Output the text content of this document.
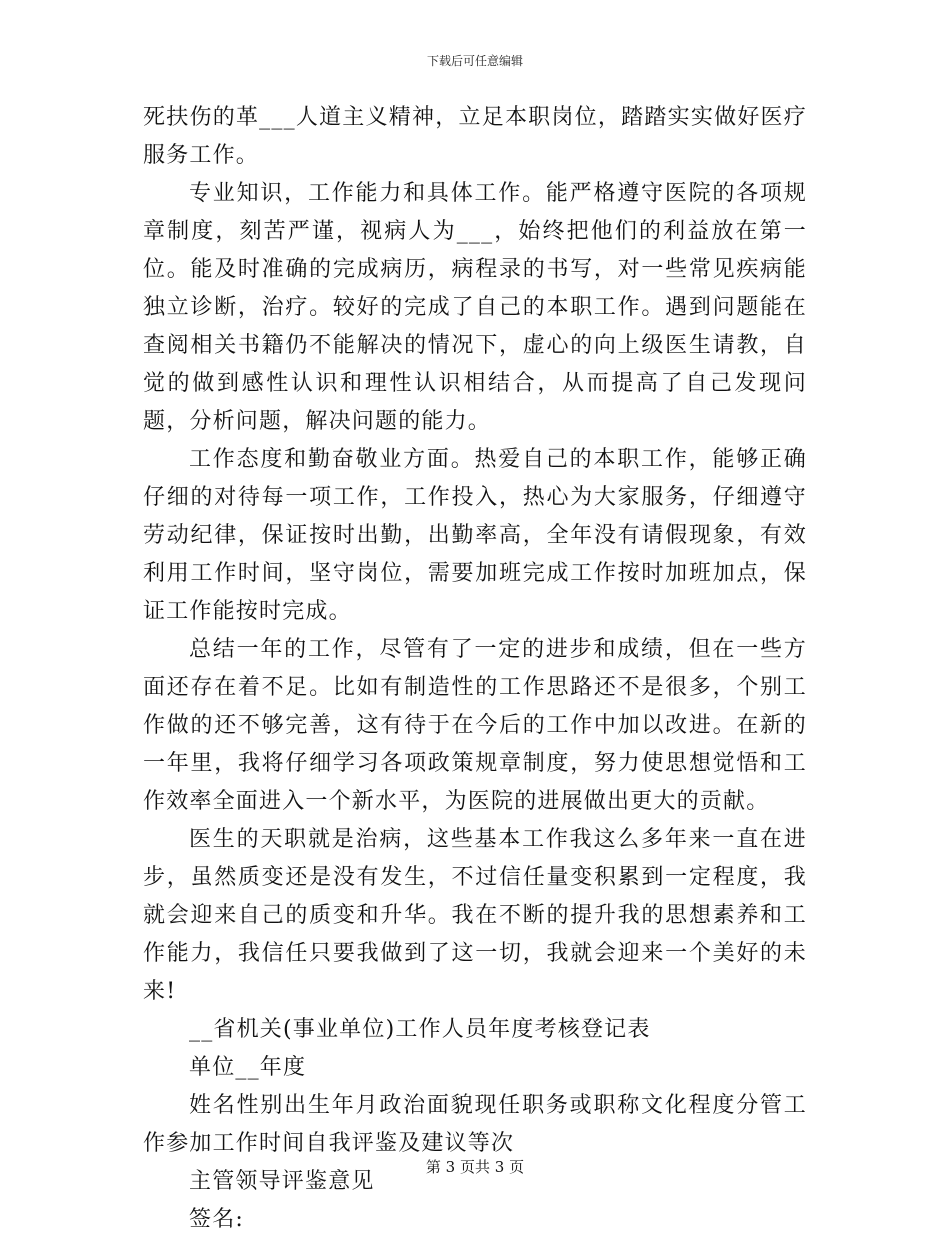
下载后可任意编辑

死扶伤的革___人道主义精神，立足本职岗位，踏踏实实做好医疗服务工作。

专业知识，工作能力和具体工作。能严格遵守医院的各项规章制度，刻苦严谨，视病人为___，始终把他们的利益放在第一位。能及时准确的完成病历，病程录的书写，对一些常见疾病能独立诊断，治疗。较好的完成了自己的本职工作。遇到问题能在查阅相关书籍仍不能解决的情况下，虚心的向上级医生请教，自觉的做到感性认识和理性认识相结合，从而提高了自己发现问题，分析问题，解决问题的能力。

工作态度和勤奋敬业方面。热爱自己的本职工作，能够正确仔细的对待每一项工作，工作投入，热心为大家服务，仔细遵守劳动纪律，保证按时出勤，出勤率高，全年没有请假现象，有效利用工作时间，坚守岗位，需要加班完成工作按时加班加点，保证工作能按时完成。

总结一年的工作，尽管有了一定的进步和成绩，但在一些方面还存在着不足。比如有制造性的工作思路还不是很多，个别工作做的还不够完善，这有待于在今后的工作中加以改进。在新的一年里，我将仔细学习各项政策规章制度，努力使思想觉悟和工作效率全面进入一个新水平，为医院的进展做出更大的贡献。

医生的天职就是治病，这些基本工作我这么多年来一直在进步，虽然质变还是没有发生，不过信任量变积累到一定程度，我就会迎来自己的质变和升华。我在不断的提升我的思想素养和工作能力，我信任只要我做到了这一切，我就会迎来一个美好的未来!

__省机关(事业单位)工作人员年度考核登记表

单位__年度

姓名性别出生年月政治面貌现任职务或职称文化程度分管工作参加工作时间自我评鉴及建议等次

主管领导评鉴意见

签名:

第 3 页共 3 页
